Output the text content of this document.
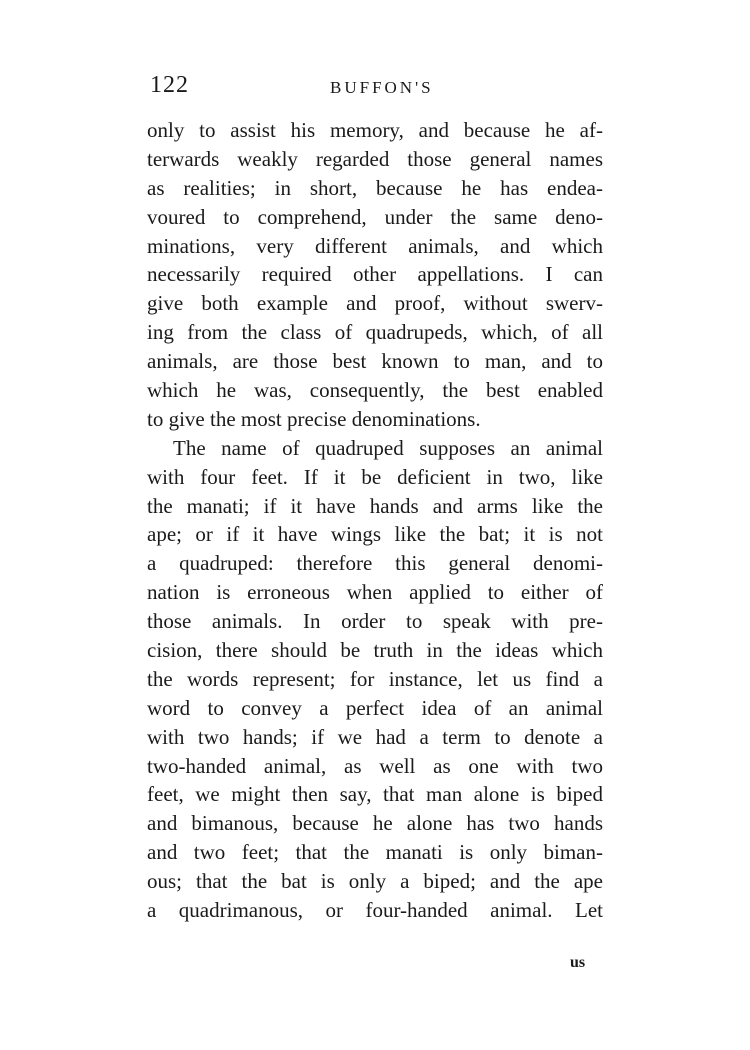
122	BUFFON'S
only to assist his memory, and because he af-
terwards weakly regarded those general names
as realities; in short, because he has endea-
voured to comprehend, under the same deno-
minations, very different animals, and which
necessarily required other appellations. I can
give both example and proof, without swerv-
ing from the class of quadrupeds, which, of all
animals, are those best known to man, and to
which he was, consequently, the best enabled
to give the most precise denominations.
The name of quadruped supposes an animal
with four feet. If it be deficient in two, like
the manati; if it have hands and arms like the
ape; or if it have wings like the bat; it is not
a quadruped: therefore this general denomi-
nation is erroneous when applied to either of
those animals. In order to speak with pre-
cision, there should be truth in the ideas which
the words represent; for instance, let us find a
word to convey a perfect idea of an animal
with two hands; if we had a term to denote a
two-handed animal, as well as one with two
feet, we might then say, that man alone is biped
and bimanous, because he alone has two hands
and two feet; that the manati is only biman-
ous; that the bat is only a biped; and the ape
a quadrimanous, or four-handed animal. Let
us
